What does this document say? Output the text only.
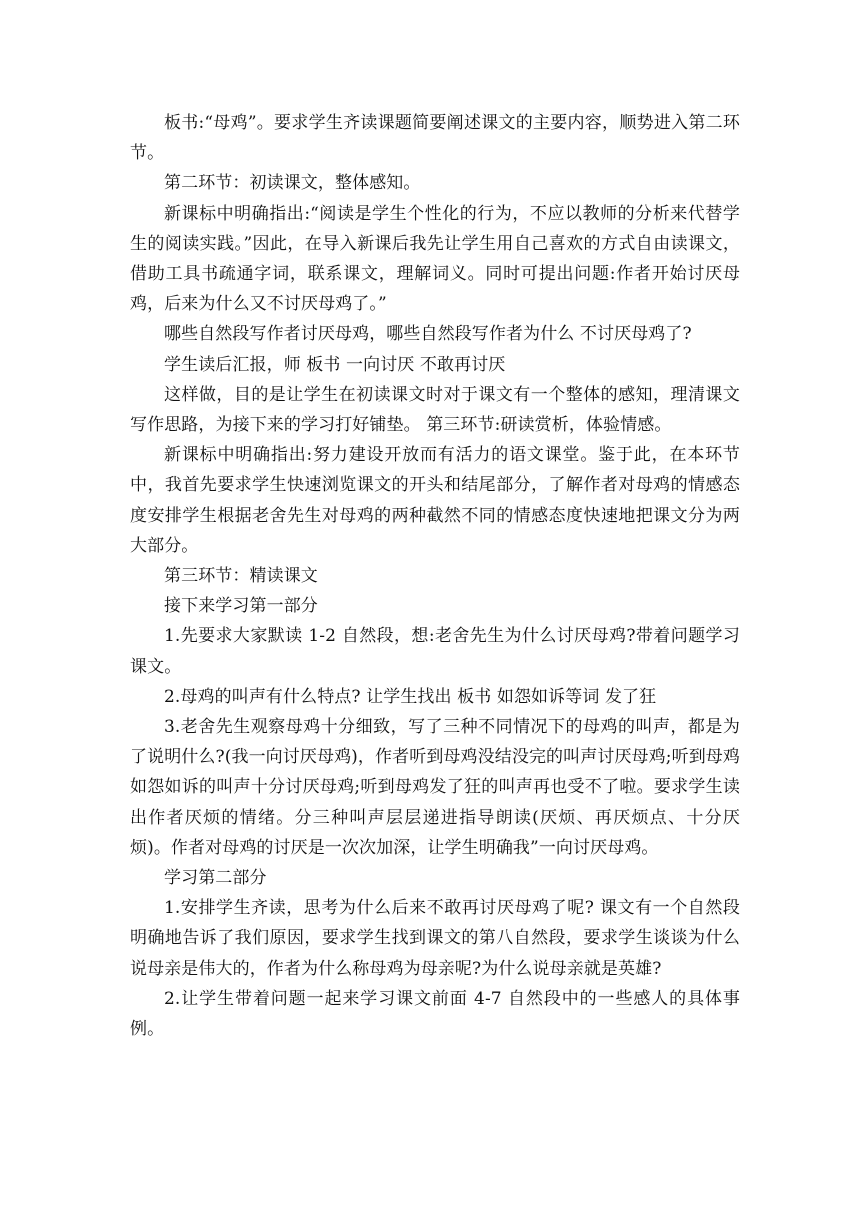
板书:“母鸡”。要求学生齐读课题简要阐述课文的主要内容，顺势进入第二环节。

第二环节：初读课文，整体感知。

新课标中明确指出:“阅读是学生个性化的行为，不应以教师的分析来代替学生的阅读实践。”因此，在导入新课后我先让学生用自己喜欢的方式自由读课文，借助工具书疏通字词，联系课文，理解词义。同时可提出问题:作者开始讨厌母鸡，后来为什么又不讨厌母鸡了。”

哪些自然段写作者讨厌母鸡，哪些自然段写作者为什么 不讨厌母鸡了?

学生读后汇报，师 板书 一向讨厌 不敢再讨厌

这样做，目的是让学生在初读课文时对于课文有一个整体的感知，理清课文写作思路，为接下来的学习打好铺垫。 第三环节:研读赏析，体验情感。

新课标中明确指出:努力建设开放而有活力的语文课堂。鉴于此，在本环节中，我首先要求学生快速浏览课文的开头和结尾部分，了解作者对母鸡的情感态度安排学生根据老舍先生对母鸡的两种截然不同的情感态度快速地把课文分为两大部分。

第三环节：精读课文

接下来学习第一部分

1.先要求大家默读 1-2 自然段，想:老舍先生为什么讨厌母鸡?带着问题学习课文。

2.母鸡的叫声有什么特点? 让学生找出 板书 如怨如诉等词 发了狂

3.老舍先生观察母鸡十分细致，写了三种不同情况下的母鸡的叫声，都是为了说明什么?(我一向讨厌母鸡)，作者听到母鸡没结没完的叫声讨厌母鸡;听到母鸡如怨如诉的叫声十分讨厌母鸡;听到母鸡发了狂的叫声再也受不了啦。要求学生读出作者厌烦的情绪。分三种叫声层层递进指导朗读(厌烦、再厌烦点、十分厌烦)。作者对母鸡的讨厌是一次次加深，让学生明确我”一向讨厌母鸡。

学习第二部分

1.安排学生齐读，思考为什么后来不敢再讨厌母鸡了呢? 课文有一个自然段明确地告诉了我们原因，要求学生找到课文的第八自然段，要求学生谈谈为什么说母亲是伟大的，作者为什么称母鸡为母亲呢?为什么说母亲就是英雄?

2.让学生带着问题一起来学习课文前面 4-7 自然段中的一些感人的具体事例。
